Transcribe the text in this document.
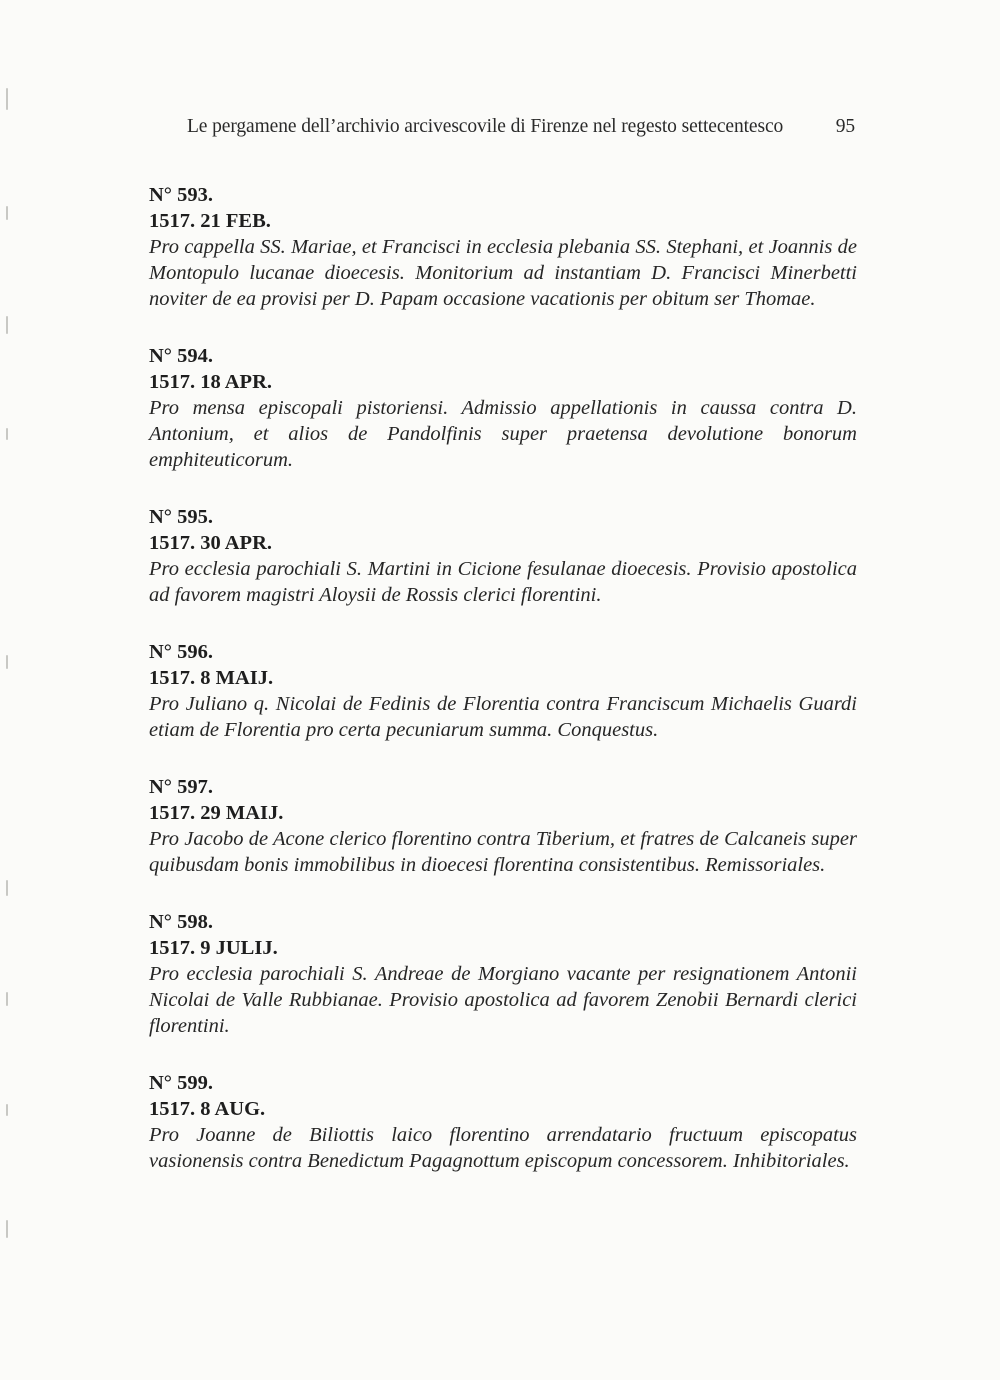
Le pergamene dell’archivio arcivescovile di Firenze nel regesto settecentesco	95
N° 593.
1517. 21 FEB.
Pro cappella SS. Mariae, et Francisci in ecclesia plebania SS. Stephani, et Joannis de Montopulo lucanae dioecesis. Monitorium ad instantiam D. Francisci Minerbetti noviter de ea provisi per D. Papam occasione vacationis per obitum ser Thomae.
N° 594.
1517. 18 APR.
Pro mensa episcopali pistoriensi. Admissio appellationis in caussa contra D. Antonium, et alios de Pandolfinis super praetensa devolutione bonorum emphiteuticorum.
N° 595.
1517. 30 APR.
Pro ecclesia parochiali S. Martini in Cicione fesulanae dioecesis. Provisio apostolica ad favorem magistri Aloysii de Rossis clerici florentini.
N° 596.
1517. 8 MAIJ.
Pro Juliano q. Nicolai de Fedinis de Florentia contra Franciscum Michaelis Guardi etiam de Florentia pro certa pecuniarum summa. Conquestus.
N° 597.
1517. 29 MAIJ.
Pro Jacobo de Acone clerico florentino contra Tiberium, et fratres de Calcaneis super quibusdam bonis immobilibus in dioecesi florentina consistentibus. Remissoriales.
N° 598.
1517. 9 JULIJ.
Pro ecclesia parochiali S. Andreae de Morgiano vacante per resignationem Antonii Nicolai de Valle Rubbianae. Provisio apostolica ad favorem Zenobii Bernardi clerici florentini.
N° 599.
1517. 8 AUG.
Pro Joanne de Biliottis laico florentino arrendatario fructuum episcopatus vasionensis contra Benedictum Pagagnottum episcopum concessorem. Inhibitoriales.
